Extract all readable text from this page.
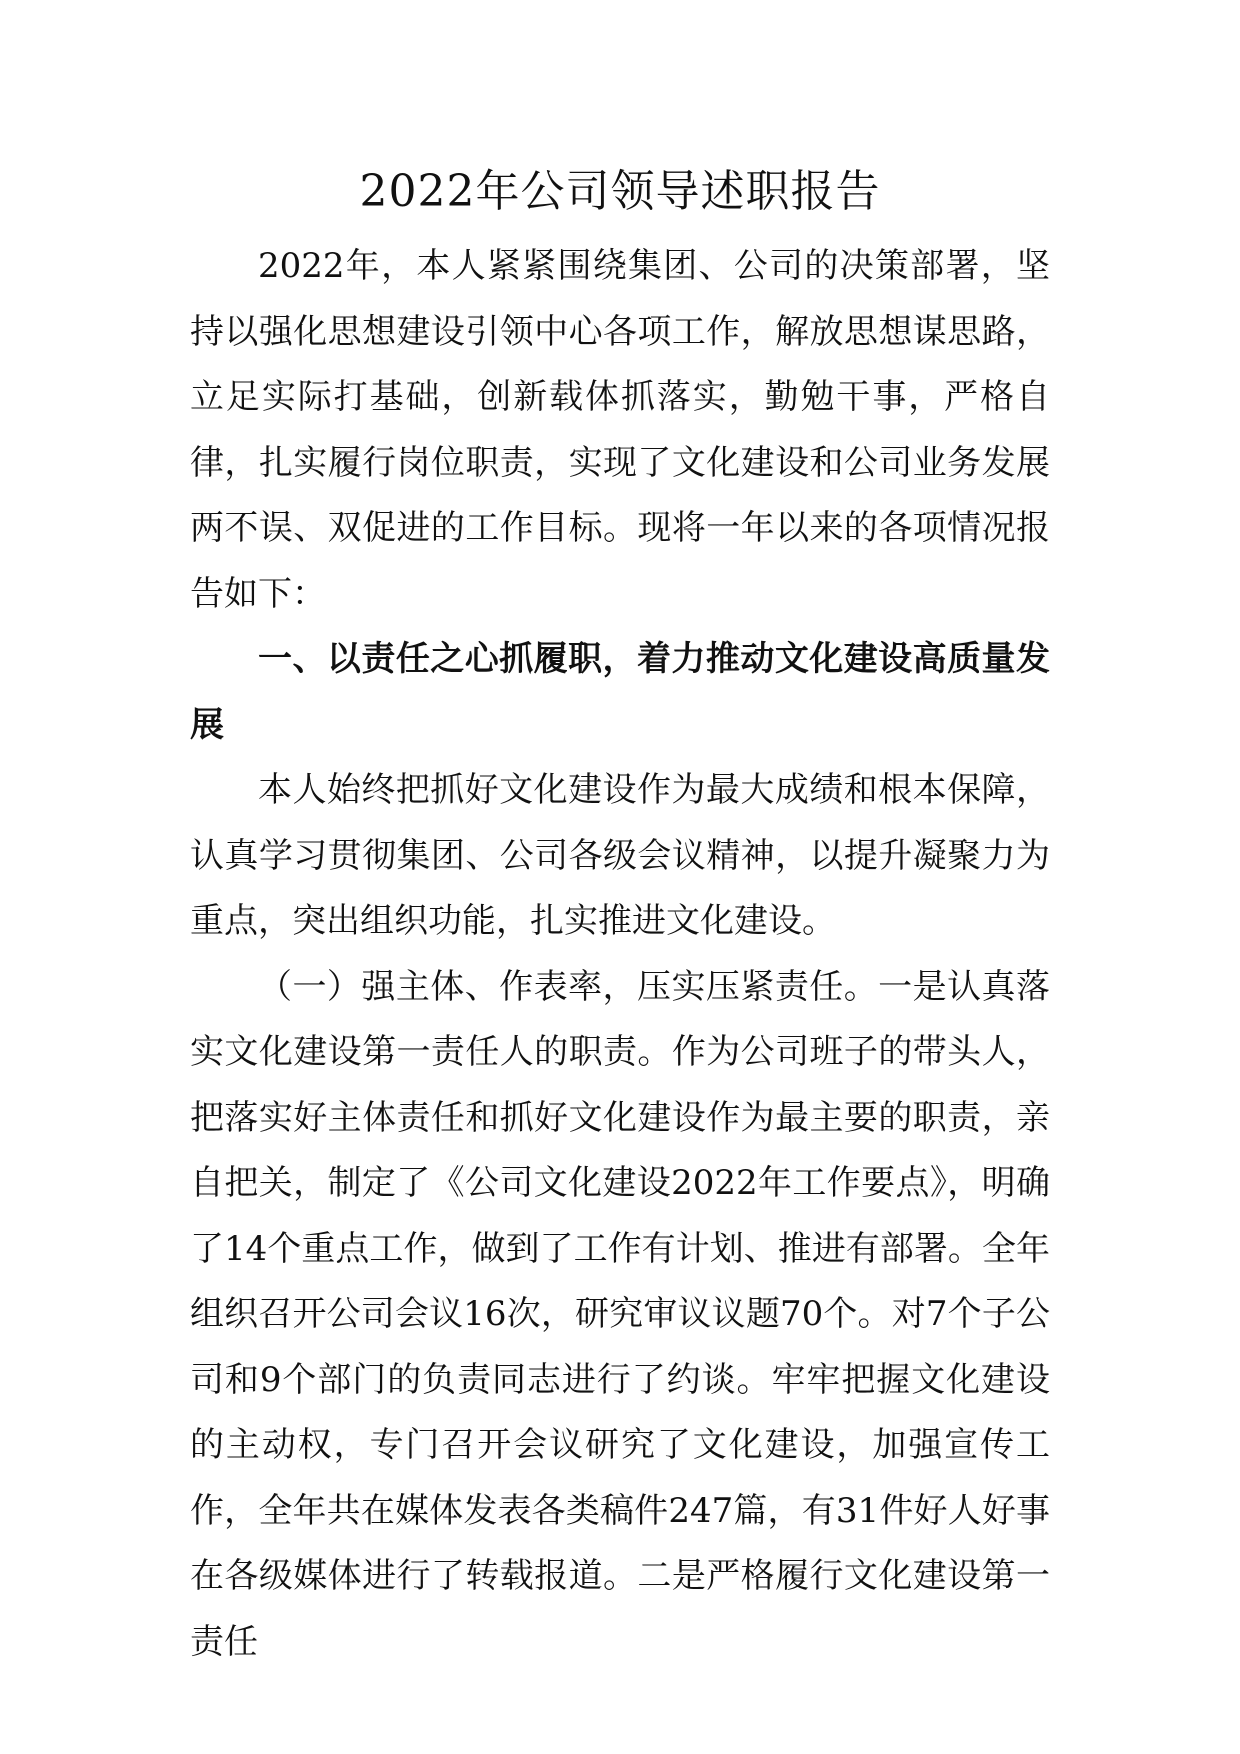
2022年公司领导述职报告

2022年，本人紧紧围绕集团、公司的决策部署，坚持以强化思想建设引领中心各项工作，解放思想谋思路，立足实际打基础，创新载体抓落实，勤勉干事，严格自律，扎实履行岗位职责，实现了文化建设和公司业务发展两不误、双促进的工作目标。现将一年以来的各项情况报告如下：

一、以责任之心抓履职，着力推动文化建设高质量发展

本人始终把抓好文化建设作为最大成绩和根本保障，认真学习贯彻集团、公司各级会议精神，以提升凝聚力为重点，突出组织功能，扎实推进文化建设。

（一）强主体、作表率，压实压紧责任。一是认真落实文化建设第一责任人的职责。作为公司班子的带头人，把落实好主体责任和抓好文化建设作为最主要的职责，亲自把关，制定了《公司文化建设2022年工作要点》，明确了14个重点工作，做到了工作有计划、推进有部署。全年组织召开公司会议16次，研究审议议题70个。对7个子公司和9个部门的负责同志进行了约谈。牢牢把握文化建设的主动权，专门召开会议研究了文化建设，加强宣传工作，全年共在媒体发表各类稿件247篇，有31件好人好事在各级媒体进行了转载报道。二是严格履行文化建设第一责任
